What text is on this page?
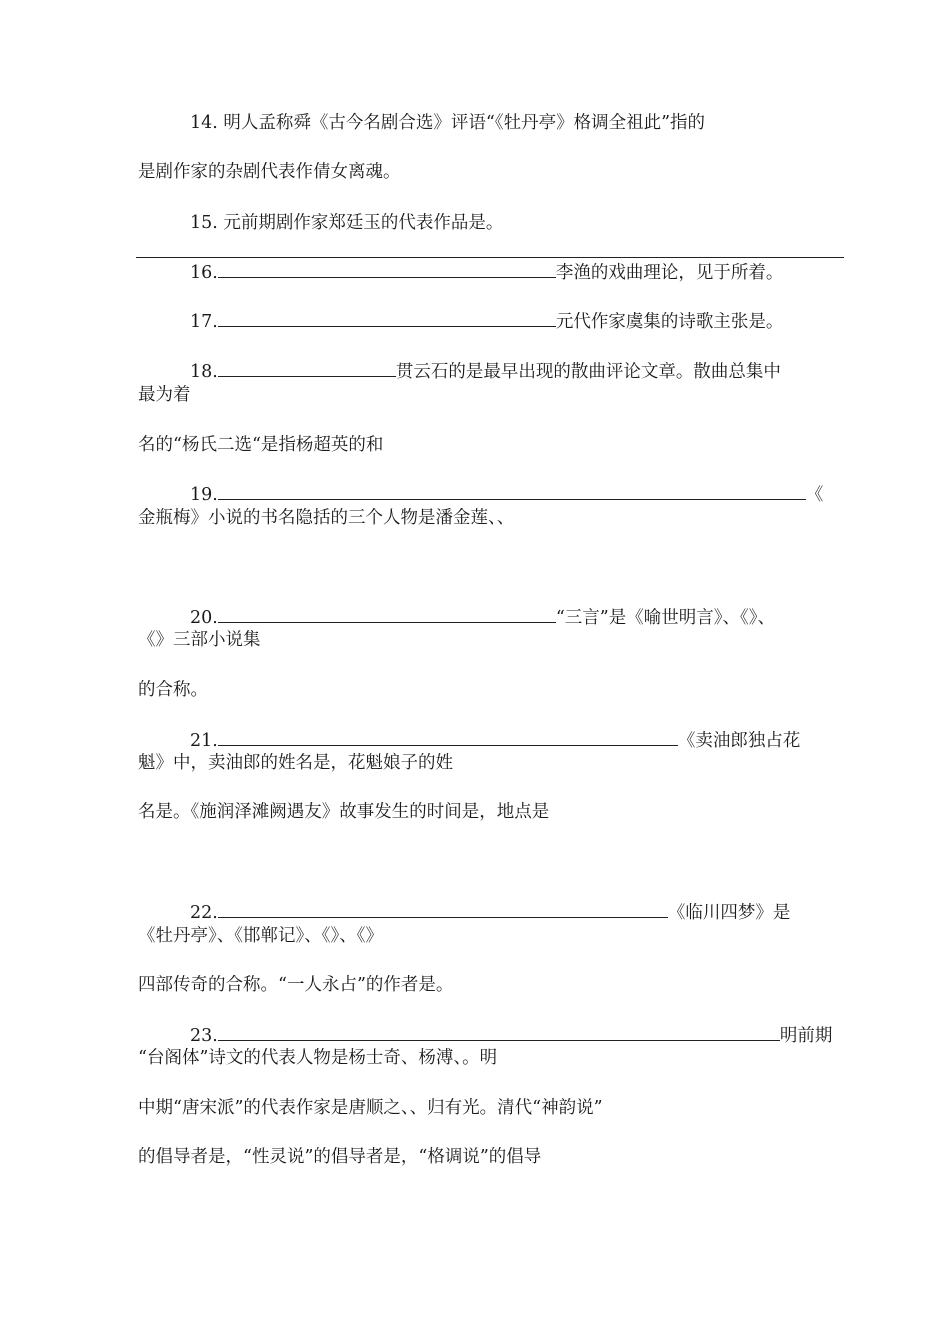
14. 明人孟称舜《古今名剧合选》评语“《牡丹亭》格调全祖此”指的
是剧作家的杂剧代表作倩女离魂。
15. 元前期剧作家郑廷玉的代表作品是。
16.	李渔的戏曲理论，见于所着。
17.	元代作家虞集的诗歌主张是。
18.	贯云石的是最早出现的散曲评论文章。散曲总集中
最为着
名的“杨氏二选“是指杨超英的和
19.	《
金瓶梅》小说的书名隐括的三个人物是潘金莲、、
20.	“三言”是《喻世明言》、《》、
《》三部小说集
的合称。
21.	《卖油郎独占花
魁》中，卖油郎的姓名是，花魁娘子的姓
名是。《施润泽滩阙遇友》故事发生的时间是，地点是
22.	《临川四梦》是
《牡丹亭》、《邯郸记》、《》、《》
四部传奇的合称。“一人永占”的作者是。
23.	明前期
“台阁体”诗文的代表人物是杨士奇、杨溥、。明
中期“唐宋派”的代表作家是唐顺之、、归有光。清代“神韵说”
的倡导者是，“性灵说”的倡导者是，“格调说”的倡导
